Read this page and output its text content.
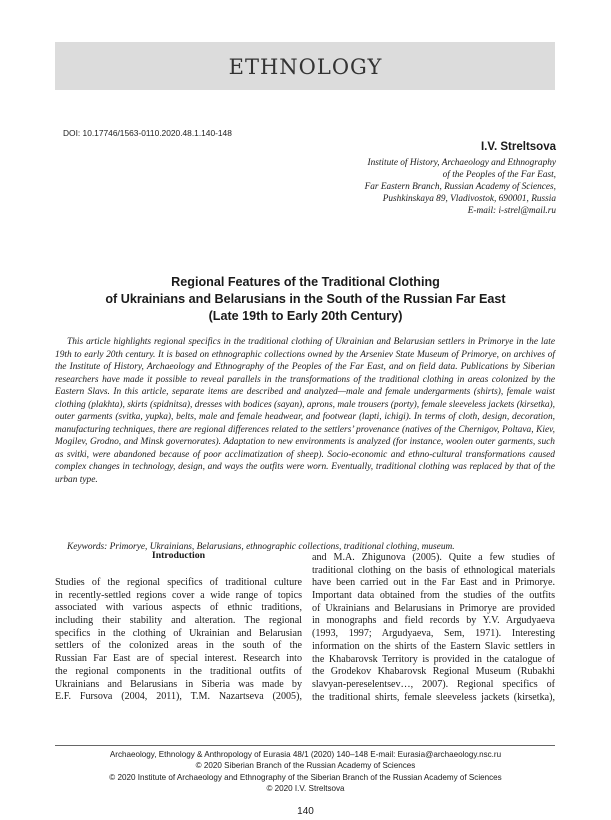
ETHNOLOGY
DOI: 10.17746/1563-0110.2020.48.1.140-148
I.V. Streltsova
Institute of History, Archaeology and Ethnography
of the Peoples of the Far East,
Far Eastern Branch, Russian Academy of Sciences,
Pushkinskaya 89, Vladivostok, 690001, Russia
E-mail: i-strel@mail.ru
Regional Features of the Traditional Clothing
of Ukrainians and Belarusians in the South of the Russian Far East
(Late 19th to Early 20th Century)

This article highlights regional specifics in the traditional clothing of Ukrainian and Belarusian settlers in Primorye in the late 19th to early 20th century. It is based on ethnographic collections owned by the Arseniev State Museum of Primorye, on archives of the Institute of History, Archaeology and Ethnography of the Peoples of the Far East, and on field data. Publications by Siberian researchers have made it possible to reveal parallels in the transformations of the traditional clothing in areas colonized by the Eastern Slavs. In this article, separate items are described and analyzed—male and female undergarments (shirts), female waist clothing (plakhta), skirts (spidnitsa), dresses with bodices (sayan), aprons, male trousers (porty), female sleeveless jackets (kirsetka), outer garments (svitka, yupka), belts, male and female headwear, and footwear (lapti, ichigi). In terms of cloth, design, decoration, manufacturing techniques, there are regional differences related to the settlers’ provenance (natives of the Chernigov, Poltava, Kiev, Mogilev, Grodno, and Minsk governorates). Adaptation to new environments is analyzed (for instance, woolen outer garments, such as svitki, were abandoned because of poor acclimatization of sheep). Socio-economic and ethno-cultural transformations caused complex changes in technology, design, and ways the outfits were worn. Eventually, traditional clothing was replaced by that of the urban type.

Keywords: Primorye, Ukrainians, Belarusians, ethnographic collections, traditional clothing, museum.
Introduction
Studies of the regional specifics of traditional culture
in recently-settled regions cover a wide range of topics
associated with various aspects of ethnic traditions,
including their stability and alteration. The regional
specifics in the clothing of Ukrainian and Belarusian
settlers of the colonized areas in the south of the
Russian Far East are of special interest. Research into
the regional components in the traditional outfits of
Ukrainians and Belarusians in Siberia was made by
E.F. Fursova (2004, 2011), T.M. Nazartseva (2005),
and M.A. Zhigunova (2005). Quite a few studies of
traditional clothing on the basis of ethnological materials
have been carried out in the Far East and in Primorye.
Important data obtained from the studies of the outfits
of Ukrainians and Belarusians in Primorye are provided
in monographs and field records by Y.V. Argudyaeva
(1993, 1997; Argudyaeva, Sem, 1971). Interesting
information on the shirts of the Eastern Slavic settlers in
the Khabarovsk Territory is provided in the catalogue of
the Grodekov Khabarovsk Regional Museum (Rubakhi
slavyan-pereselentsev…, 2007). Regional specifics of
the traditional shirts, female sleeveless jackets (kirsetka),
Archaeology, Ethnology & Anthropology of Eurasia 48/1 (2020) 140–148 E-mail: Eurasia@archaeology.nsc.ru
© 2020 Siberian Branch of the Russian Academy of Sciences
© 2020 Institute of Archaeology and Ethnography of the Siberian Branch of the Russian Academy of Sciences
© 2020 I.V. Streltsova
140
